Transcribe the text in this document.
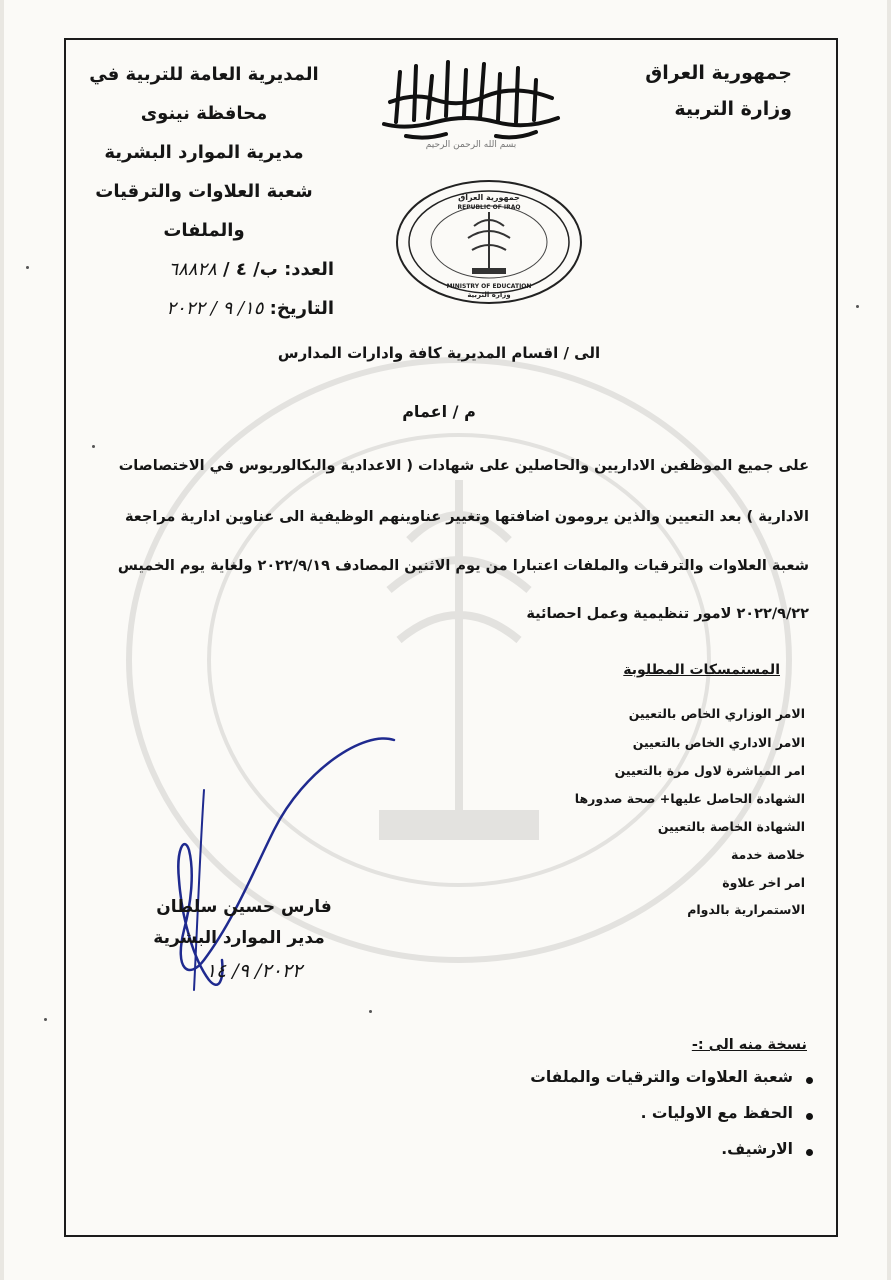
جمهورية العراق
وزارة التربية
جمهورية العراق
REPUBLIC OF IRAQ
MINISTRY OF EDUCATION
وزارة التربية
المديرية العامة للتربية في
محافظة نينوى
مديرية الموارد البشرية
شعبة العلاوات والترقيات
والملفات
العدد: ب/ ٤ / ٦٨٨٢٨
التاريخ: ١٥/ ٩ / ٢٠٢٢
بسم الله الرحمن الرحيم
الى / اقسام المديرية كافة وادارات المدارس
م / اعمام
على جميع الموظفين الاداريين والحاصلين على شهادات ( الاعدادية والبكالوريوس في الاختصاصات
الادارية ) بعد التعيين والذين يرومون اضافتها وتغيير عناوينهم الوظيفية الى عناوين ادارية مراجعة
شعبة العلاوات والترقيات والملفات اعتبارا من يوم الاثنين المصادف ٢٠٢٢/٩/١٩ ولغاية يوم الخميس
٢٠٢٢/٩/٢٢ لامور تنظيمية وعمل احصائية
المستمسكات المطلوبة
الامر الوزاري الخاص بالتعيين
الامر الاداري الخاص بالتعيين
امر المباشرة لاول مرة بالتعيين
الشهادة الحاصل عليها+ صحة صدورها
الشهادة الخاصة بالتعيين
خلاصة خدمة
امر اخر علاوة
الاستمرارية بالدوام
فارس حسين سلطان
مدير الموارد البشرية
٢٠٢٢/ ٩/ ١٤
نسخة منه الى :-
شعبة العلاوات والترقيات والملفات
الحفظ مع الاوليات .
الارشيف.
